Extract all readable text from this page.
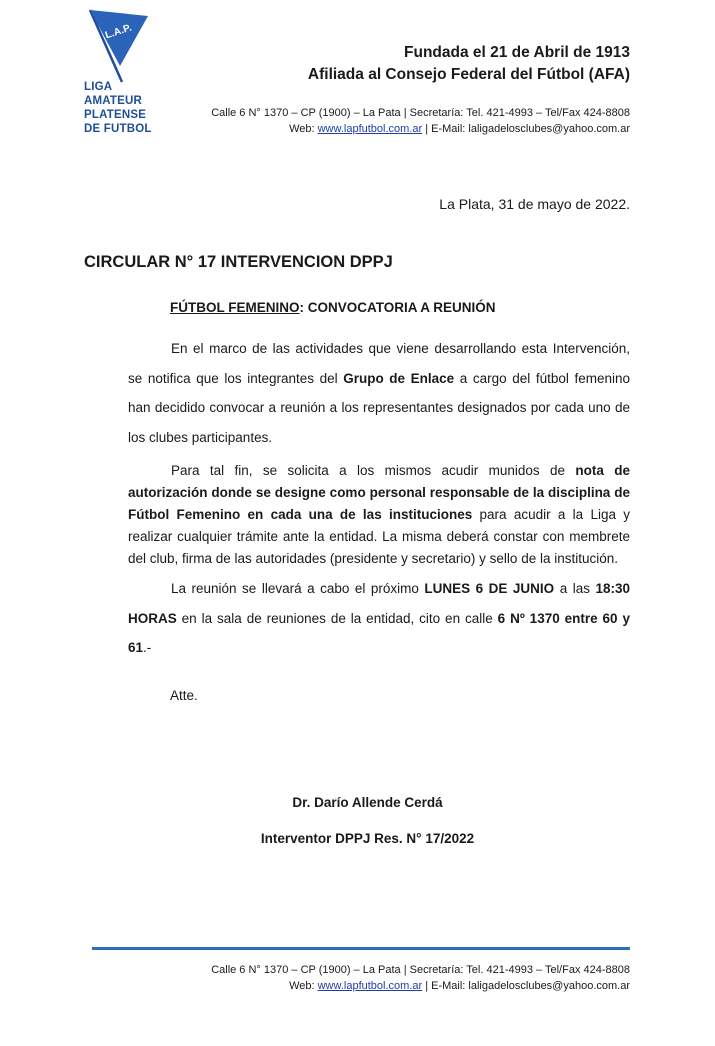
L.A.P.
LIGA
AMATEUR
PLATENSE
DE FUTBOL
Fundada el 21 de Abril de 1913
Afiliada al Consejo Federal del Fútbol (AFA)
Calle 6 N° 1370 – CP (1900) – La Pata | Secretaría: Tel. 421-4993 – Tel/Fax 424-8808
Web: www.lapfutbol.com.ar | E-Mail: laligadelosclubes@yahoo.com.ar
La Plata, 31 de mayo de 2022.
CIRCULAR N° 17 INTERVENCION DPPJ
FÚTBOL FEMENINO: CONVOCATORIA A REUNIÓN
En el marco de las actividades que viene desarrollando esta Intervención, se notifica que los integrantes del Grupo de Enlace a cargo del fútbol femenino han decidido convocar a reunión a los representantes designados por cada uno de los clubes participantes.
Para tal fin, se solicita a los mismos acudir munidos de nota de autorización donde se designe como personal responsable de la disciplina de Fútbol Femenino en cada una de las instituciones para acudir a la Liga y realizar cualquier trámite ante la entidad. La misma deberá constar con membrete del club, firma de las autoridades (presidente y secretario) y sello de la institución.
La reunión se llevará a cabo el próximo LUNES 6 DE JUNIO a las 18:30 HORAS en la sala de reuniones de la entidad, cito en calle 6 Nº 1370 entre 60 y 61.-
Atte.
Dr. Darío Allende Cerdá
Interventor DPPJ Res. N° 17/2022
Calle 6 N° 1370 – CP (1900) – La Pata | Secretaría: Tel. 421-4993 – Tel/Fax 424-8808
Web: www.lapfutbol.com.ar | E-Mail: laligadelosclubes@yahoo.com.ar
